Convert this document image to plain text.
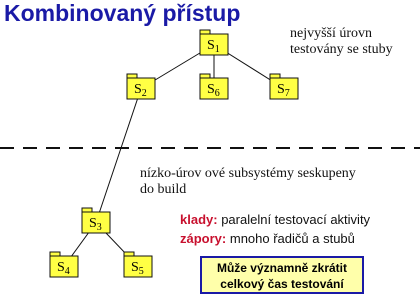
Kombinovaný přístup
nejvyšší úrovn
testovány se stuby
nízko-úrov ové subsystémy seskupeny
do build
$S_1$
$S_2$	$S_6$	$S_7$
$S_3$
$S_4$	$S_5$
klady: paralelní testovací aktivity
zápory: mnoho řadičů a stubů
Může významně zkrátit
celkový čas testování
